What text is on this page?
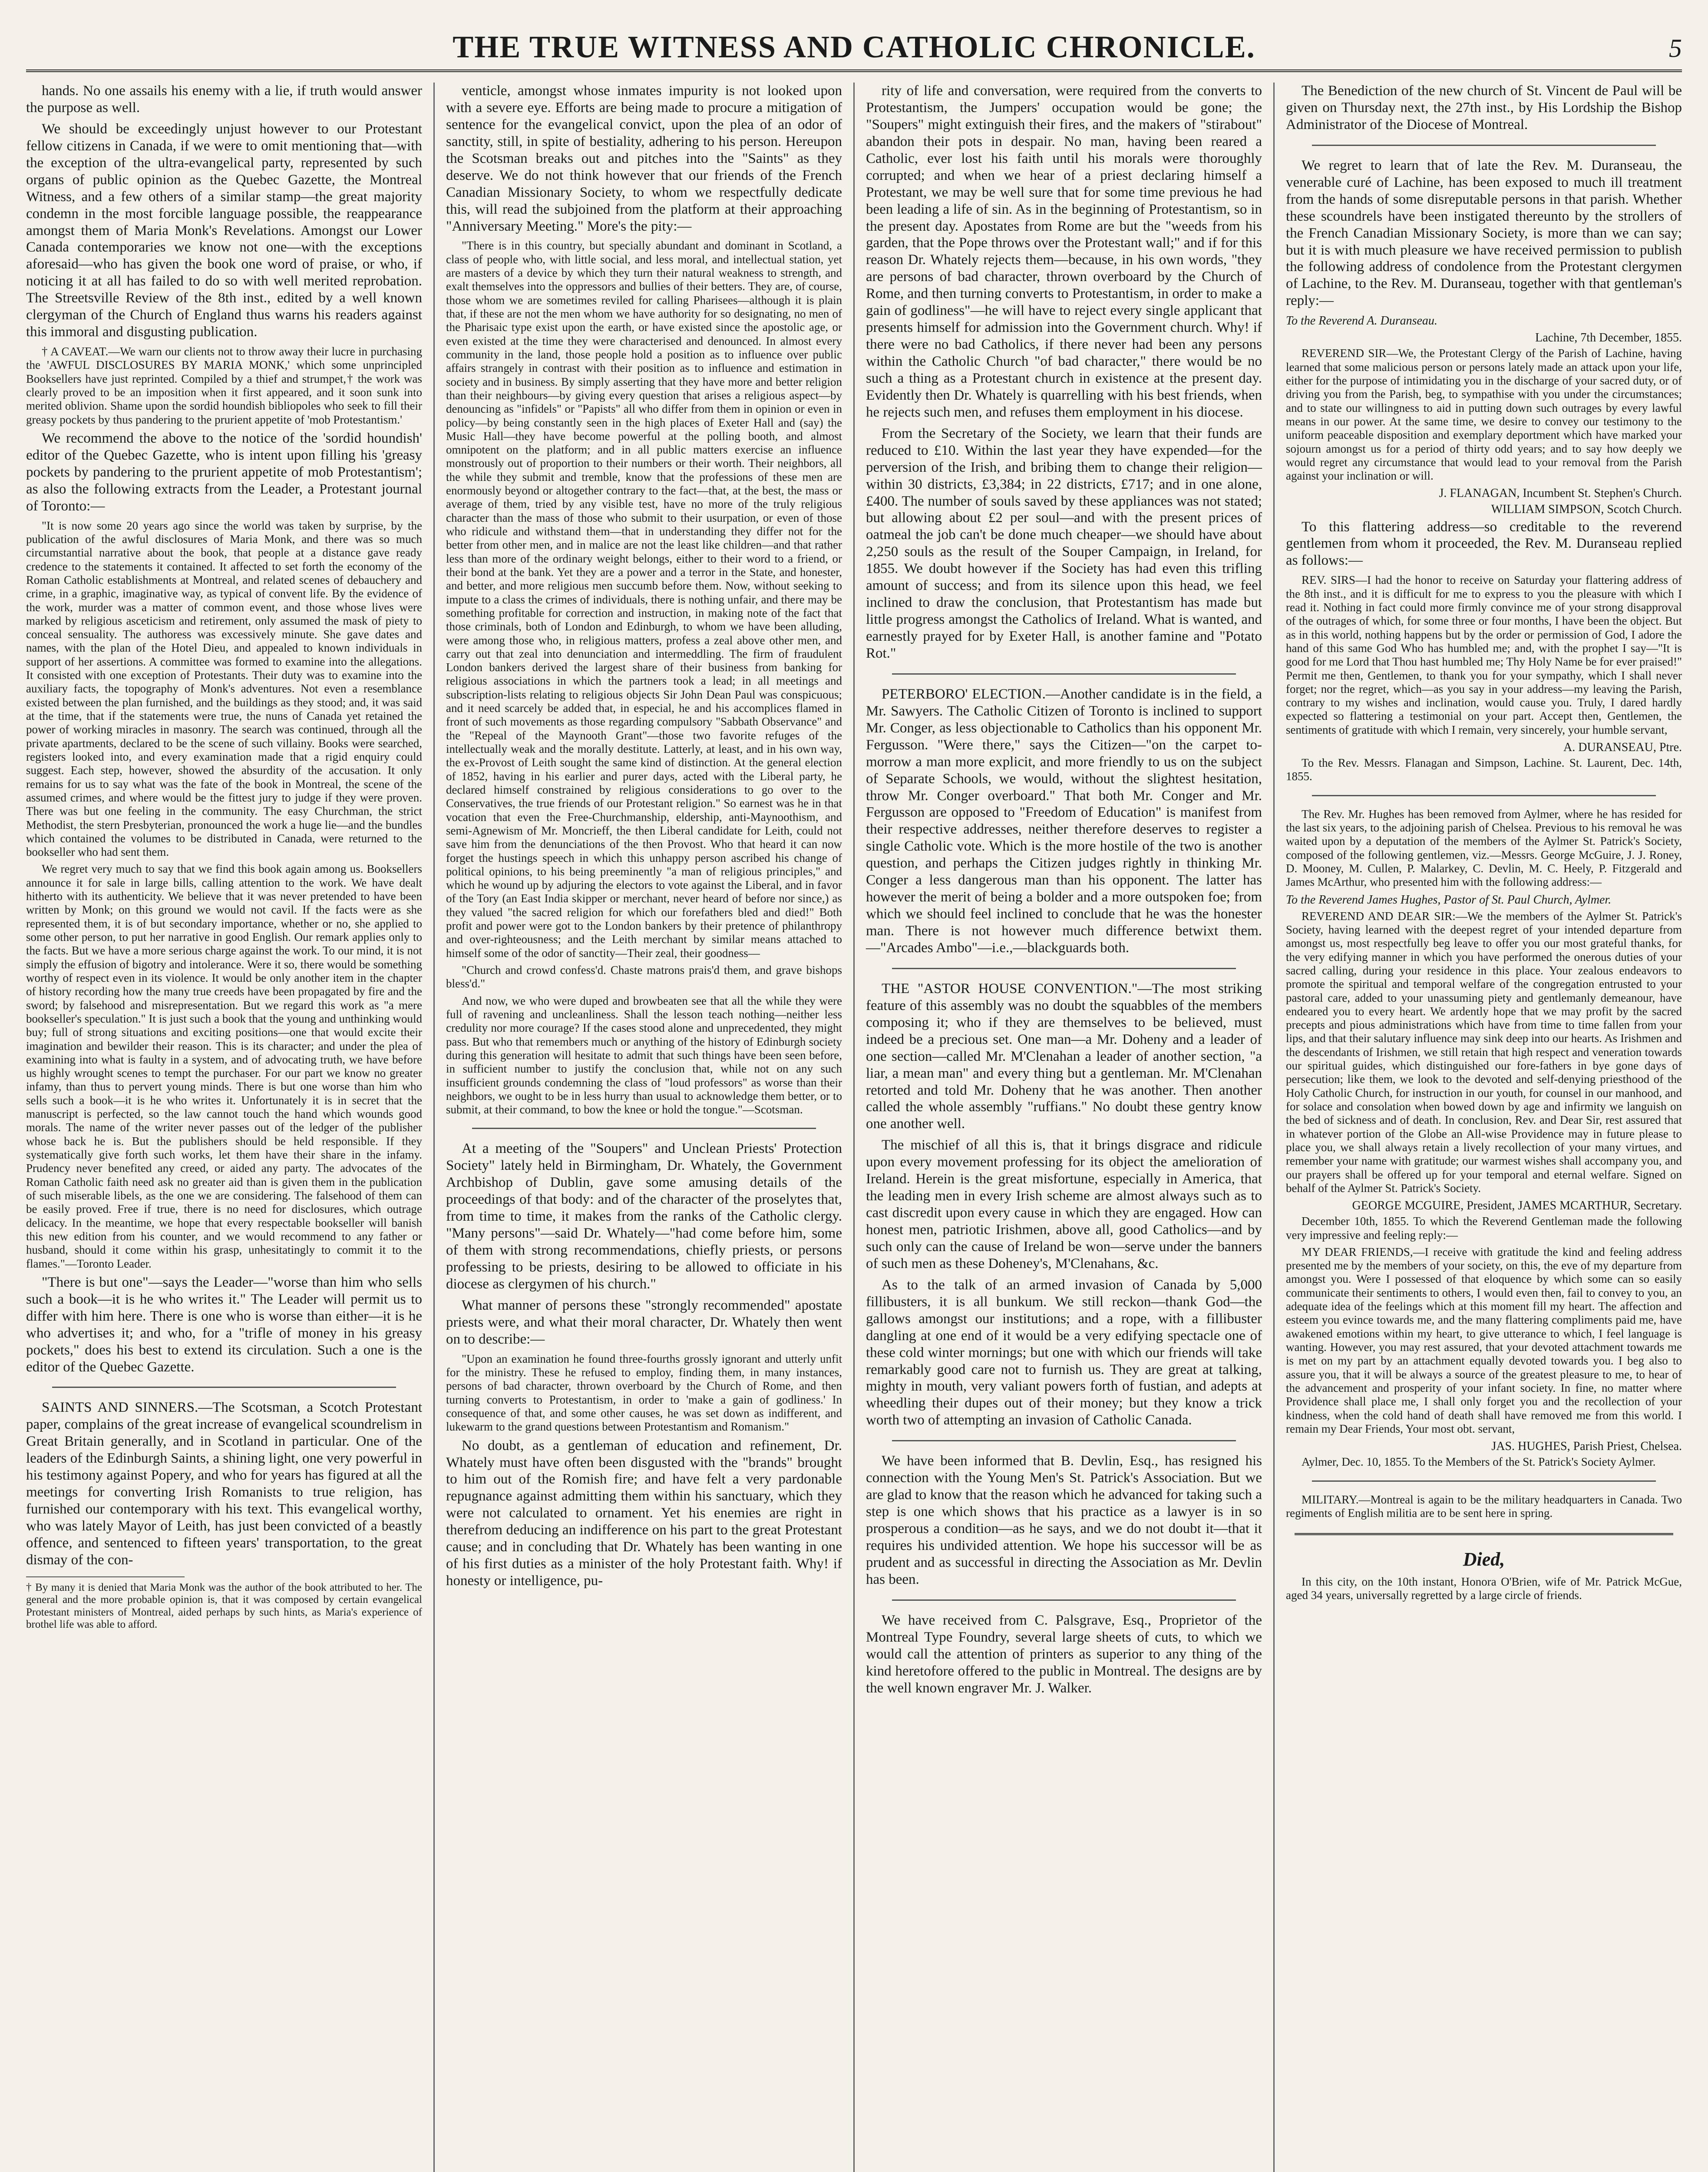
THE TRUE WITNESS AND CATHOLIC CHRONICLE.	5

hands. No one assails his enemy with a lie, if truth would answer the purpose as well.

We should be exceedingly unjust however to our Protestant fellow citizens in Canada, if we were to omit mentioning that—with the exception of the ultra-evangelical party, represented by such organs of public opinion as the Quebec Gazette, the Montreal Witness, and a few others of a similar stamp—the great majority condemn in the most forcible language possible, the reappearance amongst them of Maria Monk's Revelations. Amongst our Lower Canada contemporaries we know not one—with the exceptions aforesaid—who has given the book one word of praise, or who, if noticing it at all has failed to do so with well merited reprobation. The Streetsville Review of the 8th inst., edited by a well known clergyman of the Church of England thus warns his readers against this immoral and disgusting publication.

† A CAVEAT.—We warn our clients not to throw away their lucre in purchasing the 'AWFUL DISCLOSURES BY MARIA MONK,' which some unprincipled Booksellers have just reprinted. Compiled by a thief and strumpet,† the work was clearly proved to be an imposition when it first appeared, and it soon sunk into merited oblivion. Shame upon the sordid houndish bibliopoles who seek to fill their greasy pockets by thus pandering to the prurient appetite of 'mob Protestantism.'

We recommend the above to the notice of the 'sordid houndish' editor of the Quebec Gazette, who is intent upon filling his 'greasy pockets by pandering to the prurient appetite of mob Protestantism'; as also the following extracts from the Leader, a Protestant journal of Toronto:—

"It is now some 20 years ago since the world was taken by surprise, by the publication of the awful disclosures of Maria Monk, and there was so much circumstantial narrative about the book, that people at a distance gave ready credence to the statements it contained. It affected to set forth the economy of the Roman Catholic establishments at Montreal, and related scenes of debauchery and crime, in a graphic, imaginative way, as typical of convent life. By the evidence of the work, murder was a matter of common event, and those whose lives were marked by religious asceticism and retirement, only assumed the mask of piety to conceal sensuality. The authoress was excessively minute. She gave dates and names, with the plan of the Hotel Dieu, and appealed to known individuals in support of her assertions. A committee was formed to examine into the allegations. It consisted with one exception of Protestants. Their duty was to examine into the auxiliary facts, the topography of Monk's adventures. Not even a resemblance existed between the plan furnished, and the buildings as they stood; and, it was said at the time, that if the statements were true, the nuns of Canada yet retained the power of working miracles in masonry. The search was continued, through all the private apartments, declared to be the scene of such villainy. Books were searched, registers looked into, and every examination made that a rigid enquiry could suggest. Each step, however, showed the absurdity of the accusation. It only remains for us to say what was the fate of the book in Montreal, the scene of the assumed crimes, and where would be the fittest jury to judge if they were proven. There was but one feeling in the community. The easy Churchman, the strict Methodist, the stern Presbyterian, pronounced the work a huge lie—and the bundles which contained the volumes to be distributed in Canada, were returned to the bookseller who had sent them.

We regret very much to say that we find this book again among us. Booksellers announce it for sale in large bills, calling attention to the work. We have dealt hitherto with its authenticity. We believe that it was never pretended to have been written by Monk; on this ground we would not cavil. If the facts were as she represented them, it is of but secondary importance, whether or no, she applied to some other person, to put her narrative in good English. Our remark applies only to the facts. But we have a more serious charge against the work. To our mind, it is not simply the effusion of bigotry and intolerance. Were it so, there would be something worthy of respect even in its violence. It would be only another item in the chapter of history recording how the many true creeds have been propagated by fire and the sword; by falsehood and misrepresentation. But we regard this work as "a mere bookseller's speculation." It is just such a book that the young and unthinking would buy; full of strong situations and exciting positions—one that would excite their imagination and bewilder their reason. This is its character; and under the plea of examining into what is faulty in a system, and of advocating truth, we have before us highly wrought scenes to tempt the purchaser. For our part we know no greater infamy, than thus to pervert young minds. There is but one worse than him who sells such a book—it is he who writes it. Unfortunately it is in secret that the manuscript is perfected, so the law cannot touch the hand which wounds good morals. The name of the writer never passes out of the ledger of the publisher whose back he is. But the publishers should be held responsible. If they systematically give forth such works, let them have their share in the infamy. Prudency never benefited any creed, or aided any party. The advocates of the Roman Catholic faith need ask no greater aid than is given them in the publication of such miserable libels, as the one we are considering. The falsehood of them can be easily proved. Free if true, there is no need for disclosures, which outrage delicacy. In the meantime, we hope that every respectable bookseller will banish this new edition from his counter, and we would recommend to any father or husband, should it come within his grasp, unhesitatingly to commit it to the flames."—Toronto Leader.

"There is but one"—says the Leader—"worse than him who sells such a book—it is he who writes it." The Leader will permit us to differ with him here. There is one who is worse than either—it is he who advertises it; and who, for a "trifle of money in his greasy pockets," does his best to extend its circulation. Such a one is the editor of the Quebec Gazette.

SAINTS AND SINNERS.—The Scotsman, a Scotch Protestant paper, complains of the great increase of evangelical scoundrelism in Great Britain generally, and in Scotland in particular. One of the leaders of the Edinburgh Saints, a shining light, one very powerful in his testimony against Popery, and who for years has figured at all the meetings for converting Irish Romanists to true religion, has furnished our contemporary with his text. This evangelical worthy, who was lately Mayor of Leith, has just been convicted of a beastly offence, and sentenced to fifteen years' transportation, to the great dismay of the con-

† By many it is denied that Maria Monk was the author of the book attributed to her. The general and the more probable opinion is, that it was composed by certain evangelical Protestant ministers of Montreal, aided perhaps by such hints, as Maria's experience of brothel life was able to afford.

venticle, amongst whose inmates impurity is not looked upon with a severe eye. Efforts are being made to procure a mitigation of sentence for the evangelical convict, upon the plea of an odor of sanctity, still, in spite of bestiality, adhering to his person. Hereupon the Scotsman breaks out and pitches into the "Saints" as they deserve. We do not think however that our friends of the French Canadian Missionary Society, to whom we respectfully dedicate this, will read the subjoined from the platform at their approaching "Anniversary Meeting." More's the pity:—

"There is in this country, but specially abundant and dominant in Scotland, a class of people who, with little social, and less moral, and intellectual station, yet are masters of a device by which they turn their natural weakness to strength, and exalt themselves into the oppressors and bullies of their betters. They are, of course, those whom we are sometimes reviled for calling Pharisees—although it is plain that, if these are not the men whom we have authority for so designating, no men of the Pharisaic type exist upon the earth, or have existed since the apostolic age, or even existed at the time they were characterised and denounced. In almost every community in the land, those people hold a position as to influence over public affairs strangely in contrast with their position as to influence and estimation in society and in business. By simply asserting that they have more and better religion than their neighbours—by giving every question that arises a religious aspect—by denouncing as "infidels" or "Papists" all who differ from them in opinion or even in policy—by being constantly seen in the high places of Exeter Hall and (say) the Music Hall—they have become powerful at the polling booth, and almost omnipotent on the platform; and in all public matters exercise an influence monstrously out of proportion to their numbers or their worth. Their neighbors, all the while they submit and tremble, know that the professions of these men are enormously beyond or altogether contrary to the fact—that, at the best, the mass or average of them, tried by any visible test, have no more of the truly religious character than the mass of those who submit to their usurpation, or even of those who ridicule and withstand them—that in understanding they differ not for the better from other men, and in malice are not the least like children—and that rather less than more of the ordinary weight belongs, either to their word to a friend, or their bond at the bank. Yet they are a power and a terror in the State, and honester, and better, and more religious men succumb before them. Now, without seeking to impute to a class the crimes of individuals, there is nothing unfair, and there may be something profitable for correction and instruction, in making note of the fact that those criminals, both of London and Edinburgh, to whom we have been alluding, were among those who, in religious matters, profess a zeal above other men, and carry out that zeal into denunciation and intermeddling. The firm of fraudulent London bankers derived the largest share of their business from banking for religious associations in which the partners took a lead; in all meetings and subscription-lists relating to religious objects Sir John Dean Paul was conspicuous; and it need scarcely be added that, in especial, he and his accomplices flamed in front of such movements as those regarding compulsory "Sabbath Observance" and the "Repeal of the Maynooth Grant"—those two favorite refuges of the intellectually weak and the morally destitute. Latterly, at least, and in his own way, the ex-Provost of Leith sought the same kind of distinction. At the general election of 1852, having in his earlier and purer days, acted with the Liberal party, he declared himself constrained by religious considerations to go over to the Conservatives, the true friends of our Protestant religion." So earnest was he in that vocation that even the Free-Churchmanship, eldership, anti-Maynoothism, and semi-Agnewism of Mr. Moncrieff, the then Liberal candidate for Leith, could not save him from the denunciations of the then Provost. Who that heard it can now forget the hustings speech in which this unhappy person ascribed his change of political opinions, to his being preeminently "a man of religious principles," and which he wound up by adjuring the electors to vote against the Liberal, and in favor of the Tory (an East India skipper or merchant, never heard of before nor since,) as they valued "the sacred religion for which our forefathers bled and died!" Both profit and power were got to the London bankers by their pretence of philanthropy and over-righteousness; and the Leith merchant by similar means attached to himself some of the odor of sanctity—Their zeal, their goodness—

"Church and crowd confess'd. Chaste matrons prais'd them, and grave bishops bless'd."

And now, we who were duped and browbeaten see that all the while they were full of ravening and uncleanliness. Shall the lesson teach nothing—neither less credulity nor more courage? If the cases stood alone and unprecedented, they might pass. But who that remembers much or anything of the history of Edinburgh society during this generation will hesitate to admit that such things have been seen before, in sufficient number to justify the conclusion that, while not on any such insufficient grounds condemning the class of "loud professors" as worse than their neighbors, we ought to be in less hurry than usual to acknowledge them better, or to submit, at their command, to bow the knee or hold the tongue."—Scotsman.

At a meeting of the "Soupers" and Unclean Priests' Protection Society" lately held in Birmingham, Dr. Whately, the Government Archbishop of Dublin, gave some amusing details of the proceedings of that body: and of the character of the proselytes that, from time to time, it makes from the ranks of the Catholic clergy. "Many persons"—said Dr. Whately—"had come before him, some of them with strong recommendations, chiefly priests, or persons professing to be priests, desiring to be allowed to officiate in his diocese as clergymen of his church."

What manner of persons these "strongly recommended" apostate priests were, and what their moral character, Dr. Whately then went on to describe:—

"Upon an examination he found three-fourths grossly ignorant and utterly unfit for the ministry. These he refused to employ, finding them, in many instances, persons of bad character, thrown overboard by the Church of Rome, and then turning converts to Protestantism, in order to 'make a gain of godliness.' In consequence of that, and some other causes, he was set down as indifferent, and lukewarm to the grand questions between Protestantism and Romanism."

No doubt, as a gentleman of education and refinement, Dr. Whately must have often been disgusted with the "brands" brought to him out of the Romish fire; and have felt a very pardonable repugnance against admitting them within his sanctuary, which they were not calculated to ornament. Yet his enemies are right in therefrom deducing an indifference on his part to the great Protestant cause; and in concluding that Dr. Whately has been wanting in one of his first duties as a minister of the holy Protestant faith. Why! if honesty or intelligence, pu-

rity of life and conversation, were required from the converts to Protestantism, the Jumpers' occupation would be gone; the "Soupers" might extinguish their fires, and the makers of "stirabout" abandon their pots in despair. No man, having been reared a Catholic, ever lost his faith until his morals were thoroughly corrupted; and when we hear of a priest declaring himself a Protestant, we may be well sure that for some time previous he had been leading a life of sin. As in the beginning of Protestantism, so in the present day. Apostates from Rome are but the "weeds from his garden, that the Pope throws over the Protestant wall;" and if for this reason Dr. Whately rejects them—because, in his own words, "they are persons of bad character, thrown overboard by the Church of Rome, and then turning converts to Protestantism, in order to make a gain of godliness"—he will have to reject every single applicant that presents himself for admission into the Government church. Why! if there were no bad Catholics, if there never had been any persons within the Catholic Church "of bad character," there would be no such a thing as a Protestant church in existence at the present day. Evidently then Dr. Whately is quarrelling with his best friends, when he rejects such men, and refuses them employment in his diocese.

From the Secretary of the Society, we learn that their funds are reduced to £10. Within the last year they have expended—for the perversion of the Irish, and bribing them to change their religion—within 30 districts, £3,384; in 22 districts, £717; and in one alone, £400. The number of souls saved by these appliances was not stated; but allowing about £2 per soul—and with the present prices of oatmeal the job can't be done much cheaper—we should have about 2,250 souls as the result of the Souper Campaign, in Ireland, for 1855. We doubt however if the Society has had even this trifling amount of success; and from its silence upon this head, we feel inclined to draw the conclusion, that Protestantism has made but little progress amongst the Catholics of Ireland. What is wanted, and earnestly prayed for by Exeter Hall, is another famine and "Potato Rot."

PETERBORO' ELECTION.—Another candidate is in the field, a Mr. Sawyers. The Catholic Citizen of Toronto is inclined to support Mr. Conger, as less objectionable to Catholics than his opponent Mr. Fergusson. "Were there," says the Citizen—"on the carpet to-morrow a man more explicit, and more friendly to us on the subject of Separate Schools, we would, without the slightest hesitation, throw Mr. Conger overboard." That both Mr. Conger and Mr. Fergusson are opposed to "Freedom of Education" is manifest from their respective addresses, neither therefore deserves to register a single Catholic vote. Which is the more hostile of the two is another question, and perhaps the Citizen judges rightly in thinking Mr. Conger a less dangerous man than his opponent. The latter has however the merit of being a bolder and a more outspoken foe; from which we should feel inclined to conclude that he was the honester man. There is not however much difference betwixt them.—"Arcades Ambo"—i.e.,—blackguards both.

THE "ASTOR HOUSE CONVENTION."—The most striking feature of this assembly was no doubt the squabbles of the members composing it; who if they are themselves to be believed, must indeed be a precious set. One man—a Mr. Doheny and a leader of one section—called Mr. M'Clenahan a leader of another section, "a liar, a mean man" and every thing but a gentleman. Mr. M'Clenahan retorted and told Mr. Doheny that he was another. Then another called the whole assembly "ruffians." No doubt these gentry know one another well.

The mischief of all this is, that it brings disgrace and ridicule upon every movement professing for its object the amelioration of Ireland. Herein is the great misfortune, especially in America, that the leading men in every Irish scheme are almost always such as to cast discredit upon every cause in which they are engaged. How can honest men, patriotic Irishmen, above all, good Catholics—and by such only can the cause of Ireland be won—serve under the banners of such men as these Doheney's, M'Clenahans, &c.

As to the talk of an armed invasion of Canada by 5,000 fillibusters, it is all bunkum. We still reckon—thank God—the gallows amongst our institutions; and a rope, with a fillibuster dangling at one end of it would be a very edifying spectacle one of these cold winter mornings; but one with which our friends will take remarkably good care not to furnish us. They are great at talking, mighty in mouth, very valiant powers forth of fustian, and adepts at wheedling their dupes out of their money; but they know a trick worth two of attempting an invasion of Catholic Canada.

We have been informed that B. Devlin, Esq., has resigned his connection with the Young Men's St. Patrick's Association. But we are glad to know that the reason which he advanced for taking such a step is one which shows that his practice as a lawyer is in so prosperous a condition—as he says, and we do not doubt it—that it requires his undivided attention. We hope his successor will be as prudent and as successful in directing the Association as Mr. Devlin has been.

We have received from C. Palsgrave, Esq., Proprietor of the Montreal Type Foundry, several large sheets of cuts, to which we would call the attention of printers as superior to any thing of the kind heretofore offered to the public in Montreal. The designs are by the well known engraver Mr. J. Walker.

The Benediction of the new church of St. Vincent de Paul will be given on Thursday next, the 27th inst., by His Lordship the Bishop Administrator of the Diocese of Montreal.

We regret to learn that of late the Rev. M. Duranseau, the venerable curé of Lachine, has been exposed to much ill treatment from the hands of some disreputable persons in that parish. Whether these scoundrels have been instigated thereunto by the strollers of the French Canadian Missionary Society, is more than we can say; but it is with much pleasure we have received permission to publish the following address of condolence from the Protestant clergymen of Lachine, to the Rev. M. Duranseau, together with that gentleman's reply:—

To the Reverend A. Duranseau.

Lachine, 7th December, 1855.

REVEREND SIR—We, the Protestant Clergy of the Parish of Lachine, having learned that some malicious person or persons lately made an attack upon your life, either for the purpose of intimidating you in the discharge of your sacred duty, or of driving you from the Parish, beg, to sympathise with you under the circumstances; and to state our willingness to aid in putting down such outrages by every lawful means in our power. At the same time, we desire to convey our testimony to the uniform peaceable disposition and exemplary deportment which have marked your sojourn amongst us for a period of thirty odd years; and to say how deeply we would regret any circumstance that would lead to your removal from the Parish against your inclination or will.

J. FLANAGAN, Incumbent St. Stephen's Church.

WILLIAM SIMPSON, Scotch Church.

To this flattering address—so creditable to the reverend gentlemen from whom it proceeded, the Rev. M. Duranseau replied as follows:—

REV. SIRS—I had the honor to receive on Saturday your flattering address of the 8th inst., and it is difficult for me to express to you the pleasure with which I read it. Nothing in fact could more firmly convince me of your strong disapproval of the outrages of which, for some three or four months, I have been the object. But as in this world, nothing happens but by the order or permission of God, I adore the hand of this same God Who has humbled me; and, with the prophet I say—"It is good for me Lord that Thou hast humbled me; Thy Holy Name be for ever praised!" Permit me then, Gentlemen, to thank you for your sympathy, which I shall never forget; nor the regret, which—as you say in your address—my leaving the Parish, contrary to my wishes and inclination, would cause you. Truly, I dared hardly expected so flattering a testimonial on your part. Accept then, Gentlemen, the sentiments of gratitude with which I remain, very sincerely, your humble servant,

A. DURANSEAU, Ptre.

To the Rev. Messrs. Flanagan and Simpson, Lachine. St. Laurent, Dec. 14th, 1855.

The Rev. Mr. Hughes has been removed from Aylmer, where he has resided for the last six years, to the adjoining parish of Chelsea. Previous to his removal he was waited upon by a deputation of the members of the Aylmer St. Patrick's Society, composed of the following gentlemen, viz.—Messrs. George McGuire, J. J. Roney, D. Mooney, M. Cullen, P. Malarkey, C. Devlin, M. C. Heely, P. Fitzgerald and James McArthur, who presented him with the following address:—

To the Reverend James Hughes, Pastor of St. Paul Church, Aylmer.

REVEREND AND DEAR SIR:—We the members of the Aylmer St. Patrick's Society, having learned with the deepest regret of your intended departure from amongst us, most respectfully beg leave to offer you our most grateful thanks, for the very edifying manner in which you have performed the onerous duties of your sacred calling, during your residence in this place. Your zealous endeavors to promote the spiritual and temporal welfare of the congregation entrusted to your pastoral care, added to your unassuming piety and gentlemanly demeanour, have endeared you to every heart. We ardently hope that we may profit by the sacred precepts and pious administrations which have from time to time fallen from your lips, and that their salutary influence may sink deep into our hearts. As Irishmen and the descendants of Irishmen, we still retain that high respect and veneration towards our spiritual guides, which distinguished our fore-fathers in bye gone days of persecution; like them, we look to the devoted and self-denying priesthood of the Holy Catholic Church, for instruction in our youth, for counsel in our manhood, and for solace and consolation when bowed down by age and infirmity we languish on the bed of sickness and of death. In conclusion, Rev. and Dear Sir, rest assured that in whatever portion of the Globe an All-wise Providence may in future please to place you, we shall always retain a lively recollection of your many virtues, and remember your name with gratitude; our warmest wishes shall accompany you, and our prayers shall be offered up for your temporal and eternal welfare. Signed on behalf of the Aylmer St. Patrick's Society.

GEORGE MCGUIRE, President, JAMES MCARTHUR, Secretary.

December 10th, 1855. To which the Reverend Gentleman made the following very impressive and feeling reply:—

MY DEAR FRIENDS,—I receive with gratitude the kind and feeling address presented me by the members of your society, on this, the eve of my departure from amongst you. Were I possessed of that eloquence by which some can so easily communicate their sentiments to others, I would even then, fail to convey to you, an adequate idea of the feelings which at this moment fill my heart. The affection and esteem you evince towards me, and the many flattering compliments paid me, have awakened emotions within my heart, to give utterance to which, I feel language is wanting. However, you may rest assured, that your devoted attachment towards me is met on my part by an attachment equally devoted towards you. I beg also to assure you, that it will be always a source of the greatest pleasure to me, to hear of the advancement and prosperity of your infant society. In fine, no matter where Providence shall place me, I shall only forget you and the recollection of your kindness, when the cold hand of death shall have removed me from this world. I remain my Dear Friends, Your most obt. servant,

JAS. HUGHES, Parish Priest, Chelsea.

Aylmer, Dec. 10, 1855. To the Members of the St. Patrick's Society Aylmer.

MILITARY.—Montreal is again to be the military headquarters in Canada. Two regiments of English militia are to be sent here in spring.

Died,

In this city, on the 10th instant, Honora O'Brien, wife of Mr. Patrick McGue, aged 34 years, universally regretted by a large circle of friends.
